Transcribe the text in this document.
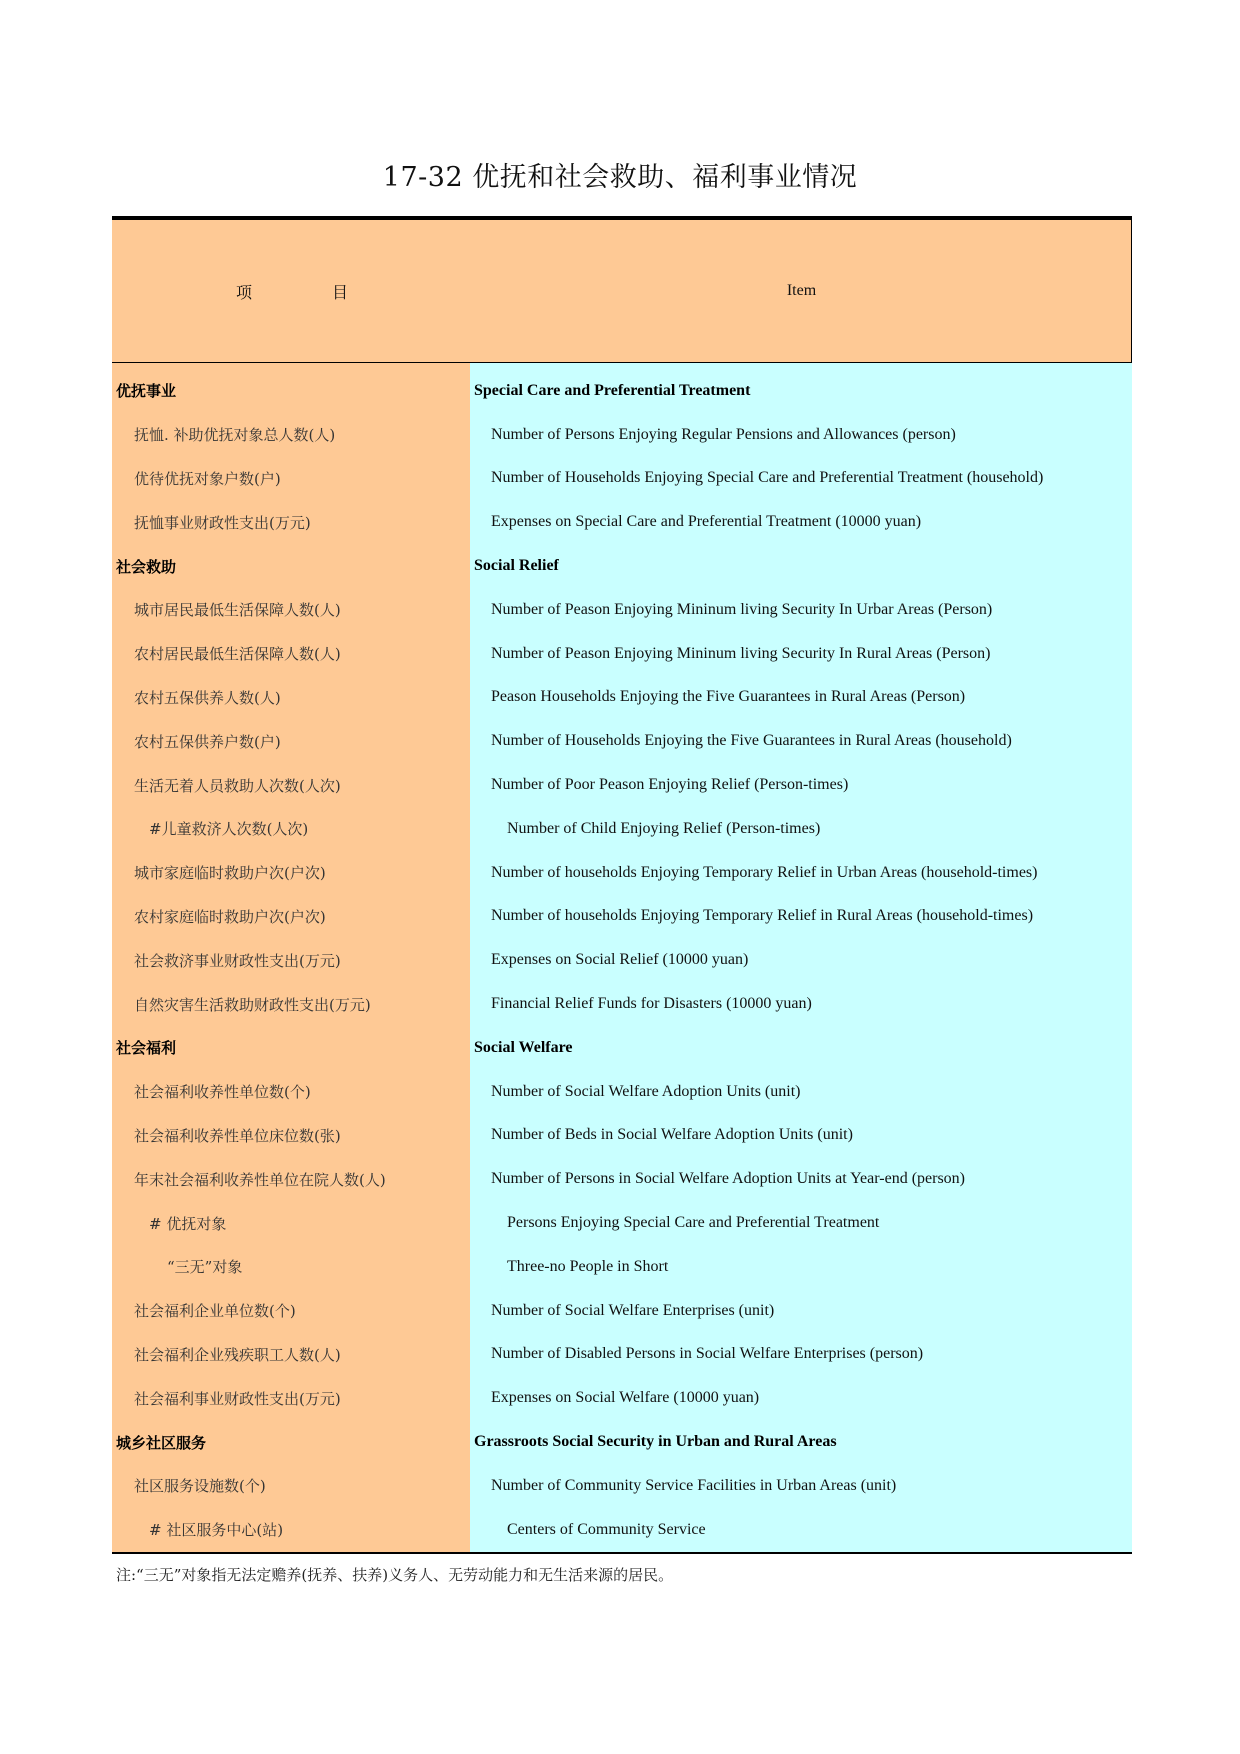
17-32 优抚和社会救助、福利事业情况
项	目	Item
优抚事业
抚恤. 补助优抚对象总人数(人)
优待优抚对象户数(户)
抚恤事业财政性支出(万元)
社会救助
城市居民最低生活保障人数(人)
农村居民最低生活保障人数(人)
农村五保供养人数(人)
农村五保供养户数(户)
生活无着人员救助人次数(人次)
#儿童救济人次数(人次)
城市家庭临时救助户次(户次)
农村家庭临时救助户次(户次)
社会救济事业财政性支出(万元)
自然灾害生活救助财政性支出(万元)
社会福利
社会福利收养性单位数(个)
社会福利收养性单位床位数(张)
年末社会福利收养性单位在院人数(人)
# 优抚对象
“三无”对象
社会福利企业单位数(个)
社会福利企业残疾职工人数(人)
社会福利事业财政性支出(万元)
城乡社区服务
社区服务设施数(个)
# 社区服务中心(站)
Special Care and Preferential Treatment
Number of Persons Enjoying Regular Pensions and Allowances (person)
Number of Households Enjoying Special Care and Preferential Treatment (household)
Expenses on Special Care and Preferential Treatment (10000 yuan)
Social Relief
Number of Peason Enjoying Mininum living Security In Urbar Areas (Person)
Number of Peason Enjoying Mininum living Security In Rural Areas (Person)
Peason Households Enjoying the Five Guarantees in Rural Areas (Person)
Number of Households Enjoying the Five Guarantees in Rural Areas (household)
Number of Poor Peason Enjoying Relief (Person-times)
Number of Child Enjoying Relief (Person-times)
Number of households Enjoying Temporary Relief in Urban Areas (household-times)
Number of households Enjoying Temporary Relief in Rural Areas (household-times)
Expenses on Social Relief (10000 yuan)
Financial Relief Funds for Disasters (10000 yuan)
Social Welfare
Number of Social Welfare Adoption Units (unit)
Number of Beds in Social Welfare Adoption Units (unit)
Number of Persons in Social Welfare Adoption Units at Year-end (person)
Persons Enjoying Special Care and Preferential Treatment
Three-no People in Short
Number of Social Welfare Enterprises (unit)
Number of Disabled Persons in Social Welfare Enterprises (person)
Expenses on Social Welfare (10000 yuan)
Grassroots Social Security in Urban and Rural Areas
Number of Community Service Facilities in Urban Areas (unit)
Centers of Community Service
注:“三无”对象指无法定赡养(抚养、扶养)义务人、无劳动能力和无生活来源的居民。
